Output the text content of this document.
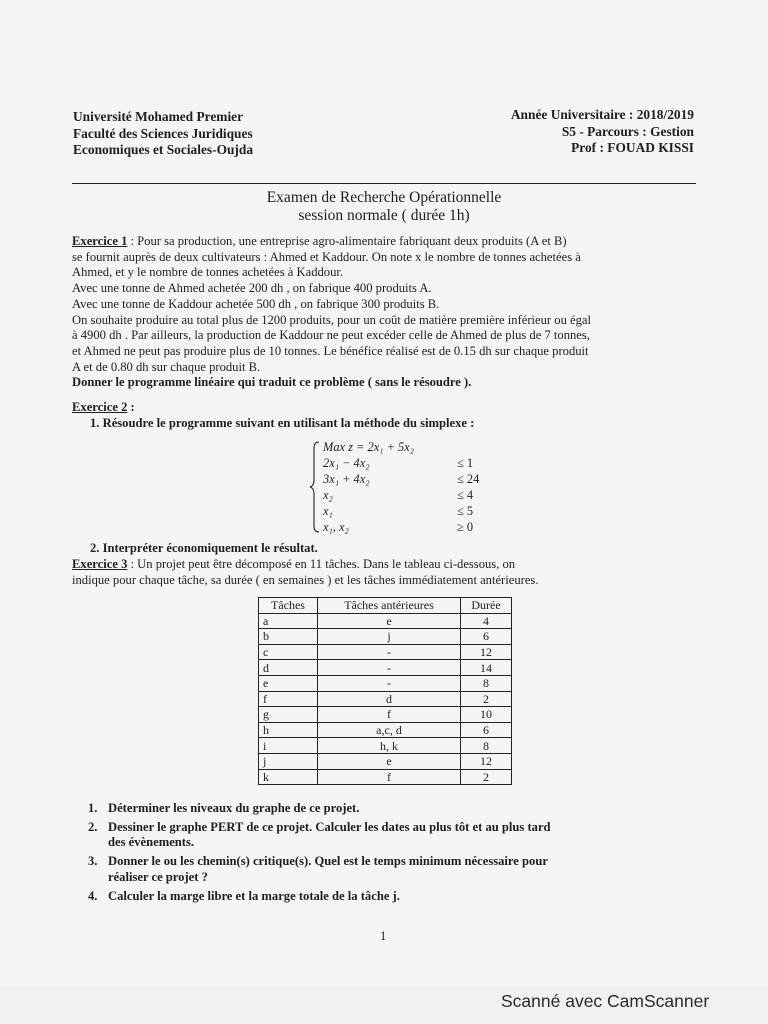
Université Mohamed Premier
Faculté des Sciences Juridiques
Economiques et Sociales-Oujda
Année Universitaire : 2018/2019
S5 - Parcours : Gestion
Prof : FOUAD KISSI
Examen de Recherche Opérationnelle
session normale ( durée 1h)

Exercice 1 : Pour sa production, une entreprise agro-alimentaire fabriquant deux produits (A et B)

se fournit auprès de deux cultivateurs : Ahmed et Kaddour. On note x le nombre de tonnes achetées à

Ahmed, et y le nombre de tonnes achetées à Kaddour.

Avec une tonne de Ahmed achetée 200 dh , on fabrique 400 produits A.

Avec une tonne de Kaddour achetée 500 dh , on fabrique 300 produits B.

On souhaite produire au total plus de 1200 produits, pour un coût de matière première inférieur ou égal

à 4900 dh . Par ailleurs, la production de Kaddour ne peut excéder celle de Ahmed de plus de 7 tonnes,

et Ahmed ne peut pas produire plus de 10 tonnes. Le bénéfice réalisé est de 0.15 dh sur chaque produit

A et de 0.80 dh sur chaque produit B.

Donner le programme linéaire qui traduit ce problème ( sans le résoudre ).

Exercice 2 :

1. Résoudre le programme suivant en utilisant la méthode du simplexe :

Max z = 2x₁ + 5x₂
2x₁ − 4x₂	≤ 1
3x₁ + 4x₂	≤ 24
x₂	≤ 4
x₁	≤ 5
x₁, x₂	≥ 0

2. Interpréter économiquement le résultat.

Exercice 3 : Un projet peut être décomposé en 11 tâches. Dans le tableau ci-dessous, on

indique pour chaque tâche, sa durée ( en semaines ) et les tâches immédiatement antérieures.

Tâches	Tâches antérieures	Durée
a	e	4
b	j	6
c	-	12
d	-	14
e	-	8
f	d	2
g	f	10
h	a,c, d	6
i	h, k	8
j	e	12
k	f	2

1. Déterminer les niveaux du graphe de ce projet.

2. Dessiner le graphe PERT de ce projet. Calculer les dates au plus tôt et au plus tard

des évènements.

3. Donner le ou les chemin(s) critique(s). Quel est le temps minimum nécessaire pour

réaliser ce projet ?

4. Calculer la marge libre et la marge totale de la tâche j.

1
Scanné avec CamScanner
